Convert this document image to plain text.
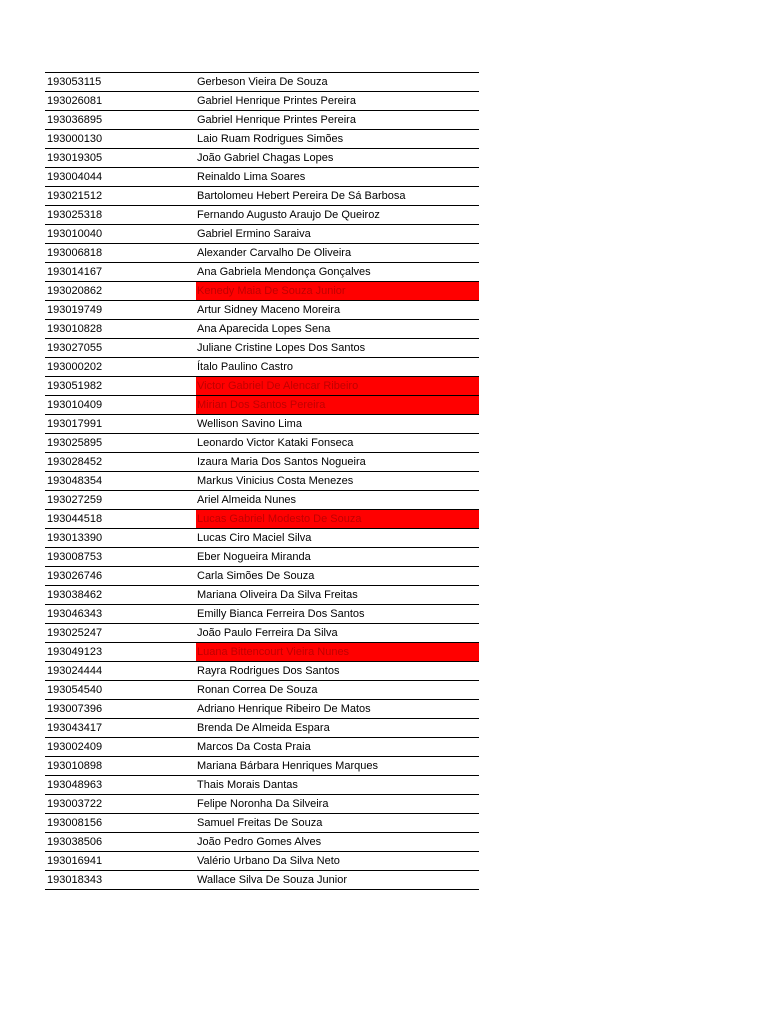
193053115	Gerbeson Vieira De Souza
193026081	Gabriel Henrique Printes Pereira
193036895	Gabriel Henrique Printes Pereira
193000130	Laio Ruam Rodrigues Simões
193019305	João Gabriel Chagas Lopes
193004044	Reinaldo Lima Soares
193021512	Bartolomeu Hebert Pereira De Sá Barbosa
193025318	Fernando Augusto Araujo De Queiroz
193010040	Gabriel Ermino Saraiva
193006818	Alexander Carvalho De Oliveira
193014167	Ana Gabriela Mendonça Gonçalves
193020862	Kenedy Maia De Souza Junior
193019749	Artur Sidney Maceno Moreira
193010828	Ana Aparecida Lopes Sena
193027055	Juliane Cristine Lopes Dos Santos
193000202	Ítalo Paulino Castro
193051982	Victor Gabriel De Alencar Ribeiro
193010409	Mirian Dos Santos Pereira
193017991	Wellison Savino Lima
193025895	Leonardo Victor Kataki Fonseca
193028452	Izaura Maria Dos Santos Nogueira
193048354	Markus Vinicius Costa Menezes
193027259	Ariel Almeida Nunes
193044518	Lucas Gabriel Modesto De Souza
193013390	Lucas Ciro Maciel Silva
193008753	Eber Nogueira Miranda
193026746	Carla Simões De Souza
193038462	Mariana Oliveira Da Silva Freitas
193046343	Emilly Bianca Ferreira Dos Santos
193025247	João Paulo Ferreira Da Silva
193049123	Luana Bittencourt Vieira Nunes
193024444	Rayra Rodrigues Dos Santos
193054540	Ronan Correa De Souza
193007396	Adriano Henrique Ribeiro De Matos
193043417	Brenda De Almeida Espara
193002409	Marcos Da Costa Praia
193010898	Mariana Bárbara Henriques Marques
193048963	Thais Morais Dantas
193003722	Felipe Noronha Da Silveira
193008156	Samuel Freitas De Souza
193038506	João Pedro Gomes Alves
193016941	Valério Urbano Da Silva Neto
193018343	Wallace Silva De Souza Junior
